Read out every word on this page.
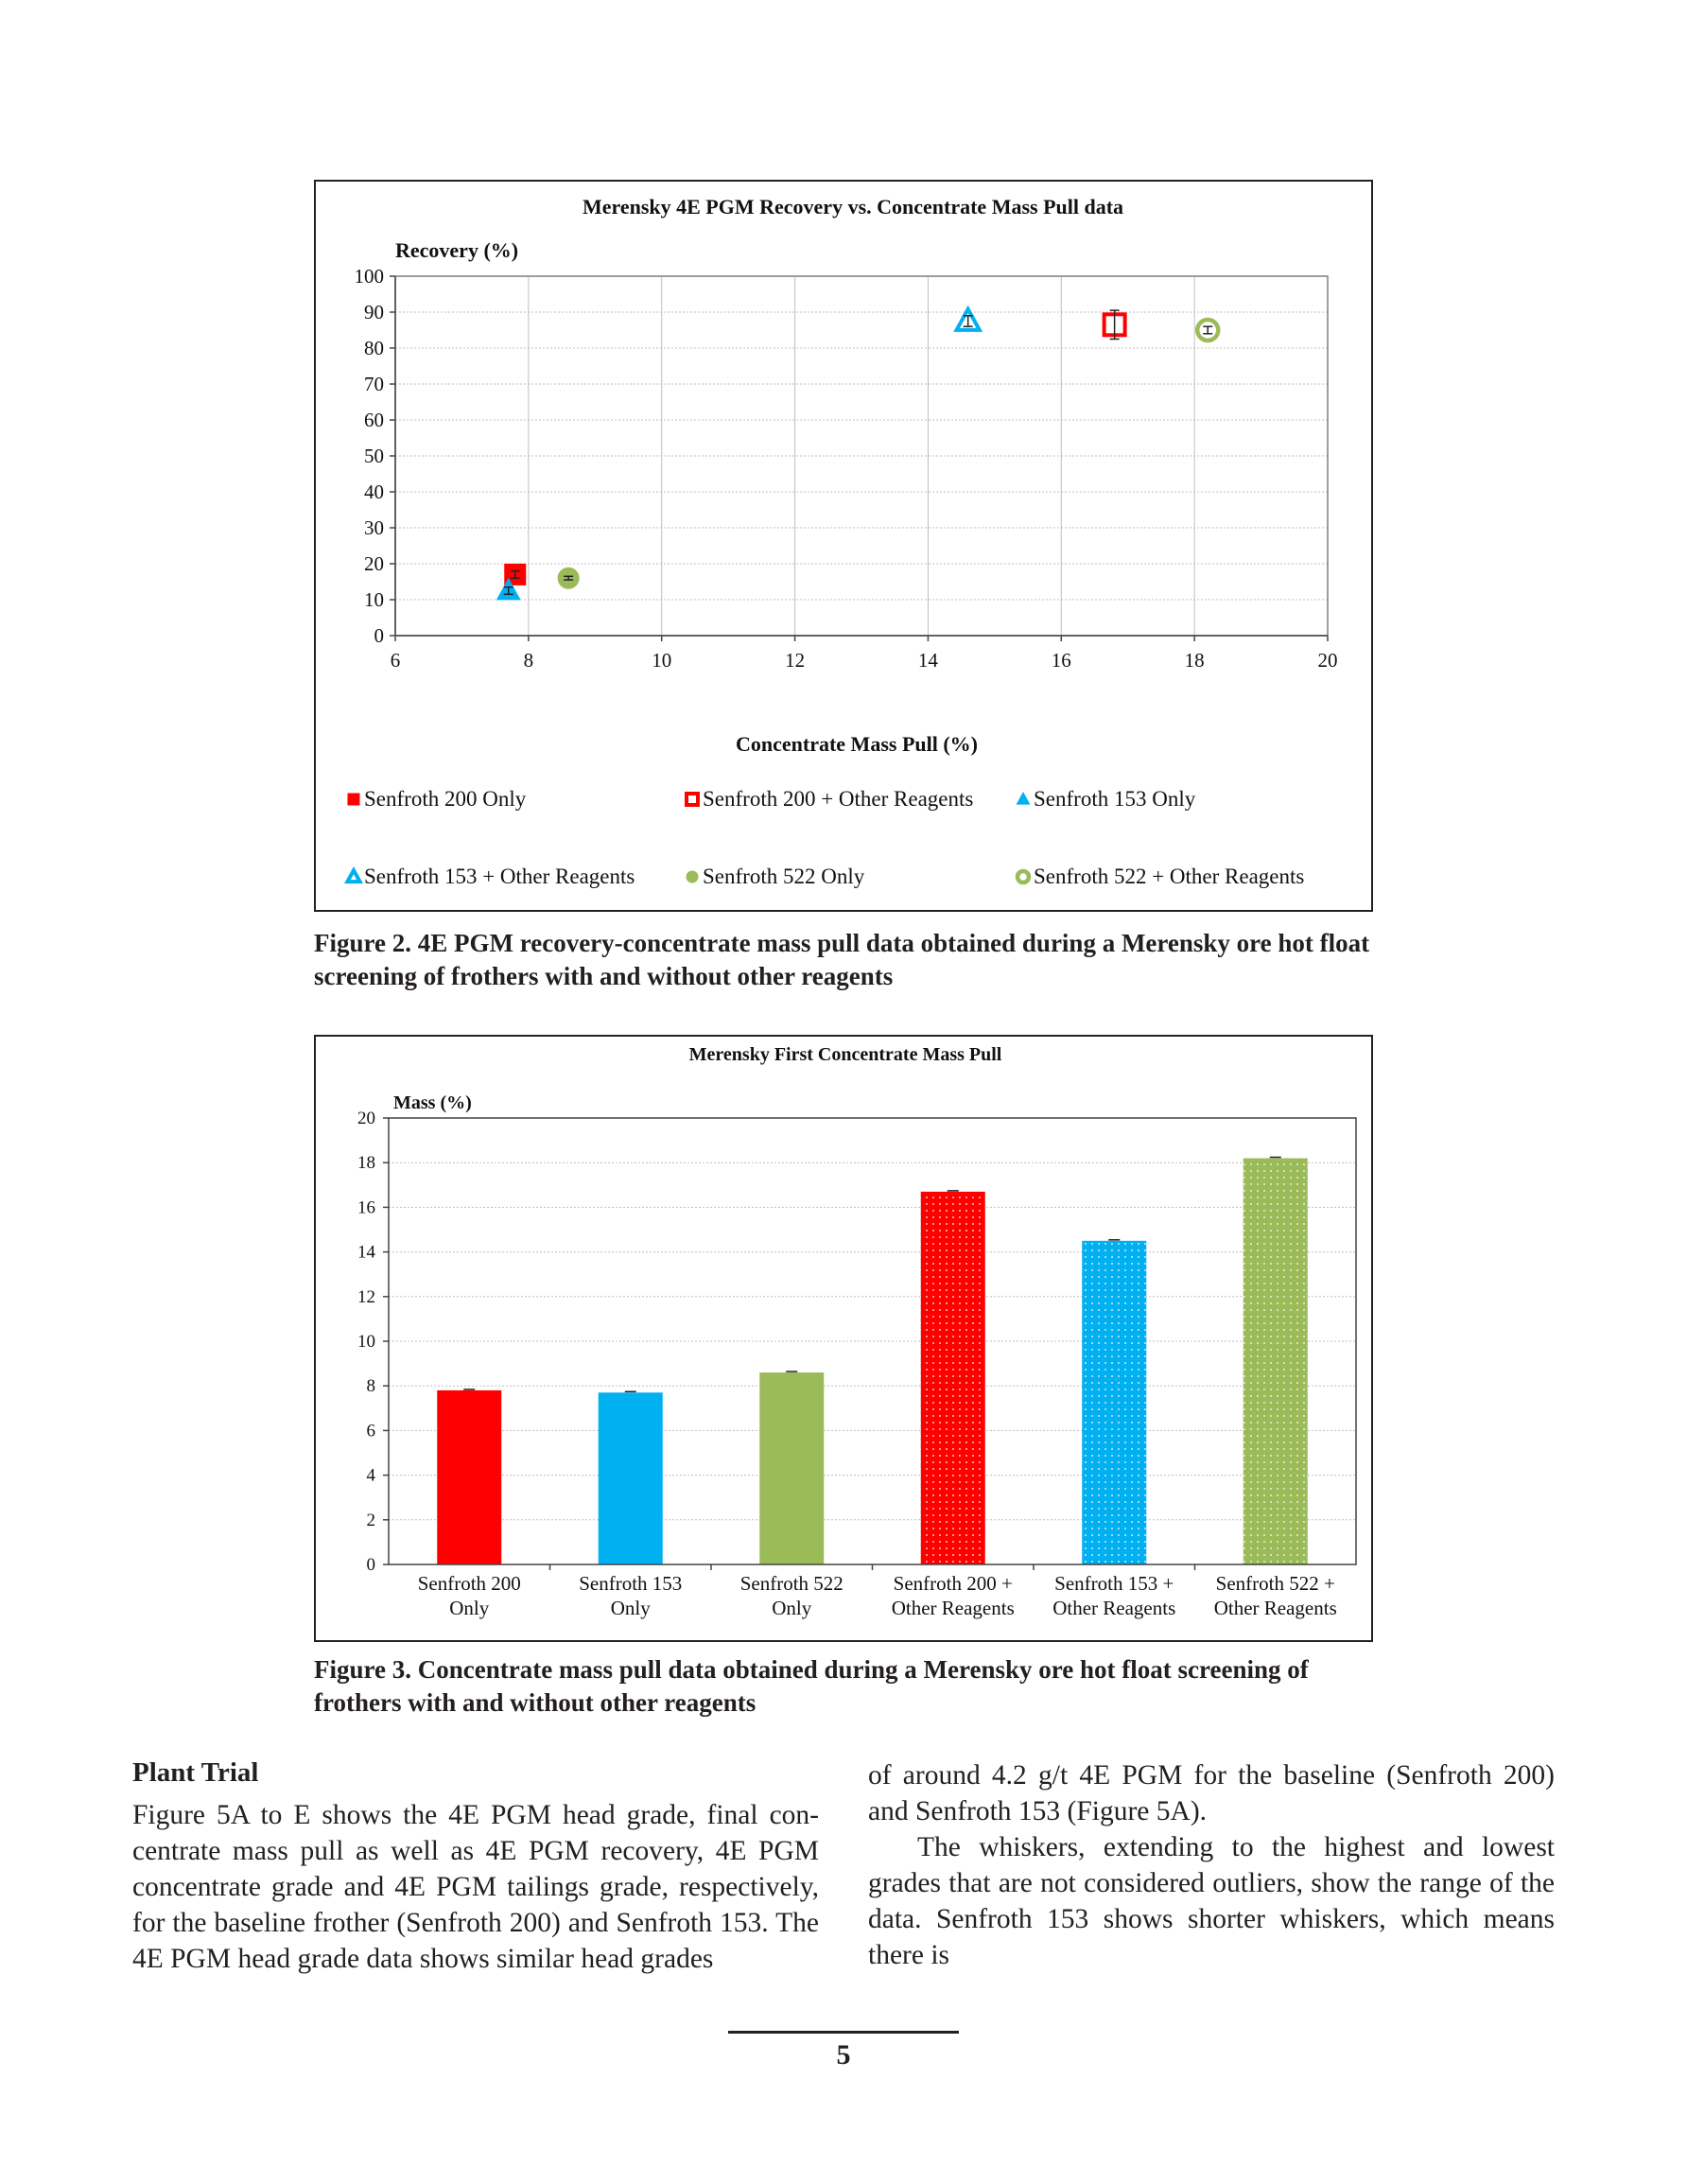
Merensky 4E PGM Recovery vs. Concentrate Mass Pull data
Recovery (%)
Concentrate Mass Pull (%)
0
10
20
30
40
50
60
70
80
90
100
6	8	10	12	14	16	18	20
Senfroth 200 Only	Senfroth 200 + Other Reagents	Senfroth 153 Only
Senfroth 153 + Other Reagents	Senfroth 522 Only	Senfroth 522 + Other Reagents
Figure 2. 4E PGM recovery-concentrate mass pull data obtained during a Merensky ore hot float screening of frothers with and without other reagents
Merensky First Concentrate Mass Pull
Mass (%)
0
2
4
6
8
10
12
14
16
18
20
Senfroth 200
Only
Senfroth 153
Only
Senfroth 522
Only
Senfroth 200 +
Other Reagents
Senfroth 153 +
Other Reagents
Senfroth 522 +
Other Reagents
Figure 3. Concentrate mass pull data obtained during a Merensky ore hot float screening of frothers with and without other reagents
Plant Trial

Figure 5A to E shows the 4E PGM head grade, final concentrate mass pull as well as 4E PGM recovery, 4E PGM concentrate grade and 4E PGM tailings grade, respectively, for the baseline frother (Senfroth 200) and Senfroth 153. The 4E PGM head grade data shows similar head grades

of around 4.2 g/t 4E PGM for the baseline (Senfroth 200) and Senfroth 153 (Figure 5A).

The whiskers, extending to the highest and lowest grades that are not considered outliers, show the range of the data. Senfroth 153 shows shorter whiskers, which means there is

5
